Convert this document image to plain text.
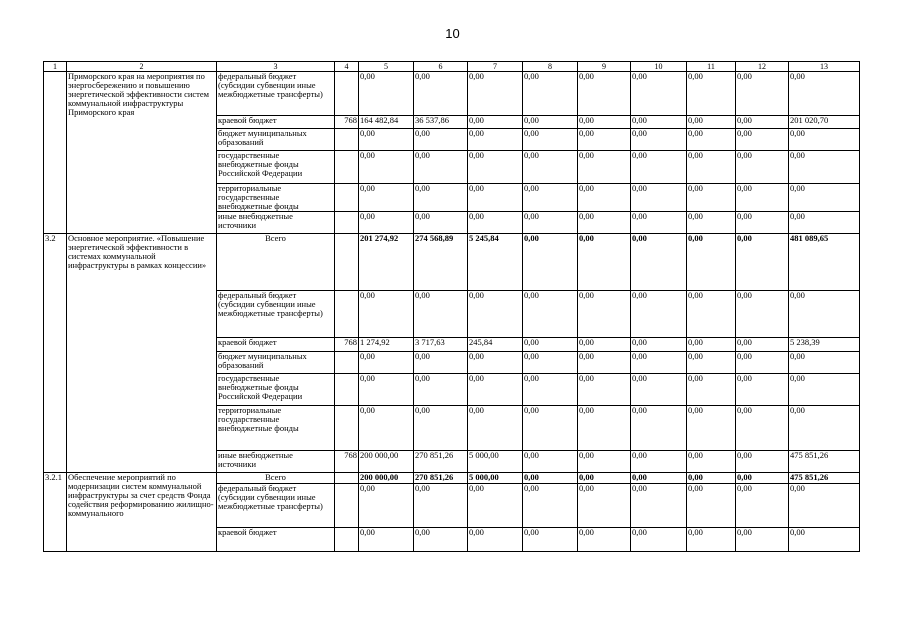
10
1	2	3	4	5	6	7	8	9	10	11	12	13
	Приморского края на мероприятия по энергосбережению и повышению энергетической эффективности систем коммунальной инфраструктуры Приморского края	федеральный бюджет (субсидии субвенции иные межбюджетные трансферты)		0,00	0,00	0,00	0,00	0,00	0,00	0,00	0,00	0,00
		краевой бюджет	768	164 482,84	36 537,86	0,00	0,00	0,00	0,00	0,00	0,00	201 020,70
		бюджет муниципальных образований		0,00	0,00	0,00	0,00	0,00	0,00	0,00	0,00	0,00
		государственные внебюджетные фонды Российской Федерации		0,00	0,00	0,00	0,00	0,00	0,00	0,00	0,00	0,00
		территориальные государственные внебюджетные фонды		0,00	0,00	0,00	0,00	0,00	0,00	0,00	0,00	0,00
		иные внебюджетные источники		0,00	0,00	0,00	0,00	0,00	0,00	0,00	0,00	0,00
3.2	Основное мероприятие. «Повышение энергетической эффективности в системах коммунальной инфраструктуры в рамках концессии»	Всего		201 274,92	274 568,89	5 245,84	0,00	0,00	0,00	0,00	0,00	481 089,65
		федеральный бюджет (субсидии субвенции иные межбюджетные трансферты)		0,00	0,00	0,00	0,00	0,00	0,00	0,00	0,00	0,00
		краевой бюджет	768	1 274,92	3 717,63	245,84	0,00	0,00	0,00	0,00	0,00	5 238,39
		бюджет муниципальных образований		0,00	0,00	0,00	0,00	0,00	0,00	0,00	0,00	0,00
		государственные внебюджетные фонды Российской Федерации		0,00	0,00	0,00	0,00	0,00	0,00	0,00	0,00	0,00
		территориальные государственные внебюджетные фонды		0,00	0,00	0,00	0,00	0,00	0,00	0,00	0,00	0,00
		иные внебюджетные источники	768	200 000,00	270 851,26	5 000,00	0,00	0,00	0,00	0,00	0,00	475 851,26
3.2.1	Обеспечение мероприятий по модернизации систем коммунальной инфраструктуры за счет средств Фонда содействия реформированию жилищно-коммунального	Всего		200 000,00	270 851,26	5 000,00	0,00	0,00	0,00	0,00	0,00	475 851,26
		федеральный бюджет (субсидии субвенции иные межбюджетные трансферты)		0,00	0,00	0,00	0,00	0,00	0,00	0,00	0,00	0,00
		краевой бюджет		0,00	0,00	0,00	0,00	0,00	0,00	0,00	0,00	0,00
